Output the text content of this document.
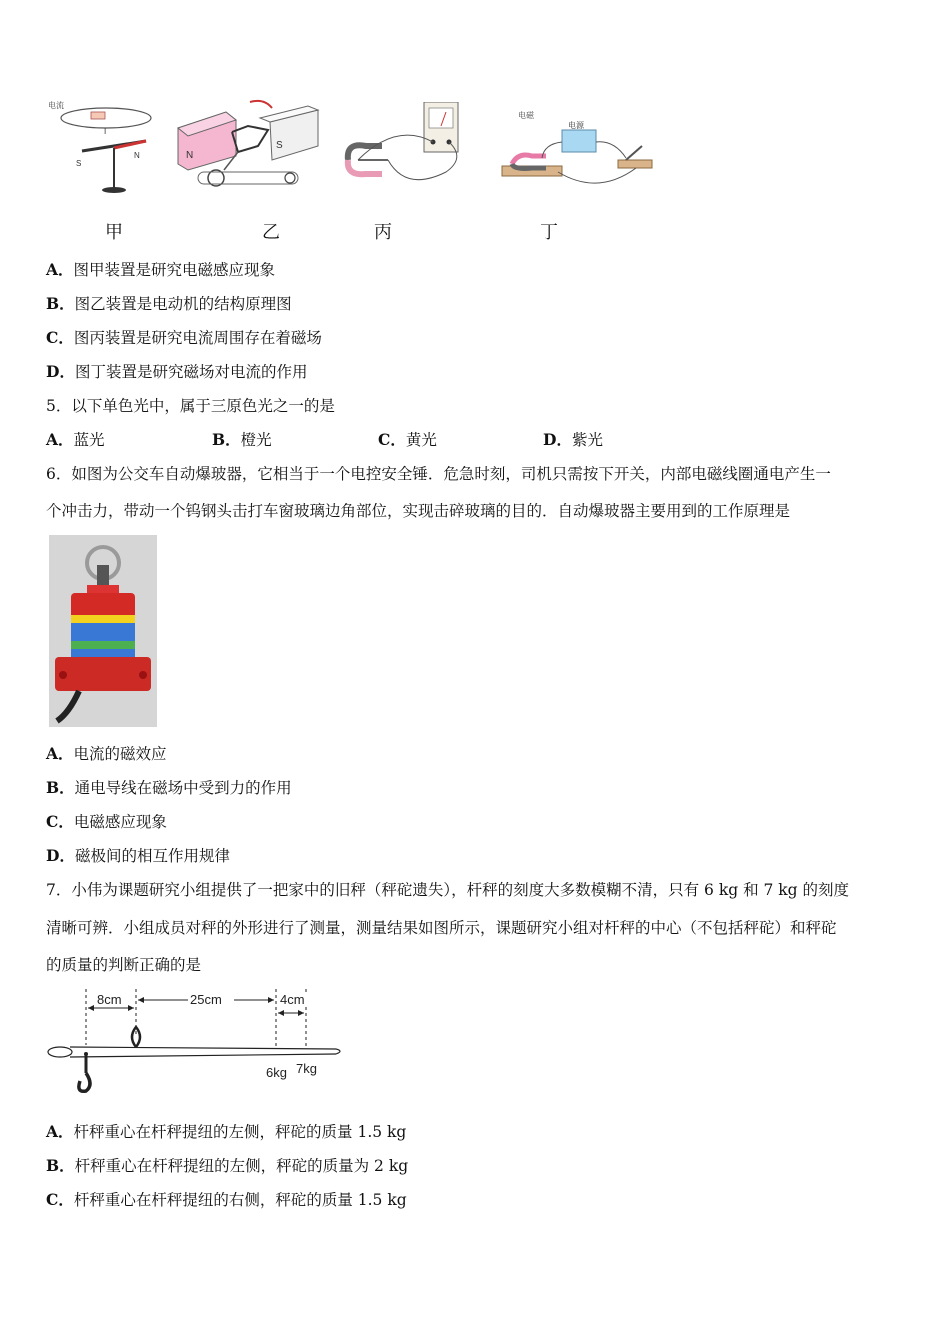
电流
I
S
N	N
S
电磁
电源
甲	乙	丙	丁
A．图甲装置是研究电磁感应现象
B．图乙装置是电动机的结构原理图
C．图丙装置是研究电流周围存在着磁场
D．图丁装置是研究磁场对电流的作用
5．以下单色光中，属于三原色光之一的是
A．蓝光	B．橙光	C．黄光	D．紫光
6．如图为公交车自动爆玻器，它相当于一个电控安全锤．危急时刻，司机只需按下开关，内部电磁线圈通电产生一
个冲击力，带动一个钨钢头击打车窗玻璃边角部位，实现击碎玻璃的目的．自动爆玻器主要用到的工作原理是
A．电流的磁效应
B．通电导线在磁场中受到力的作用
C．电磁感应现象
D．磁极间的相互作用规律
7．小伟为课题研究小组提供了一把家中的旧秤（秤砣遗失），杆秤的刻度大多数模糊不清，只有 6 kg 和 7 kg 的刻度
清晰可辨．小组成员对秤的外形进行了测量，测量结果如图所示，课题研究小组对杆秤的中心（不包括秤砣）和秤砣
的质量的判断正确的是
8cm	25cm	4cm
6kg 7kg
A．杆秤重心在杆秤提纽的左侧，秤砣的质量 1.5 kg
B．杆秤重心在杆秤提纽的左侧，秤砣的质量为 2 kg
C．杆秤重心在杆秤提纽的右侧，秤砣的质量 1.5 kg
